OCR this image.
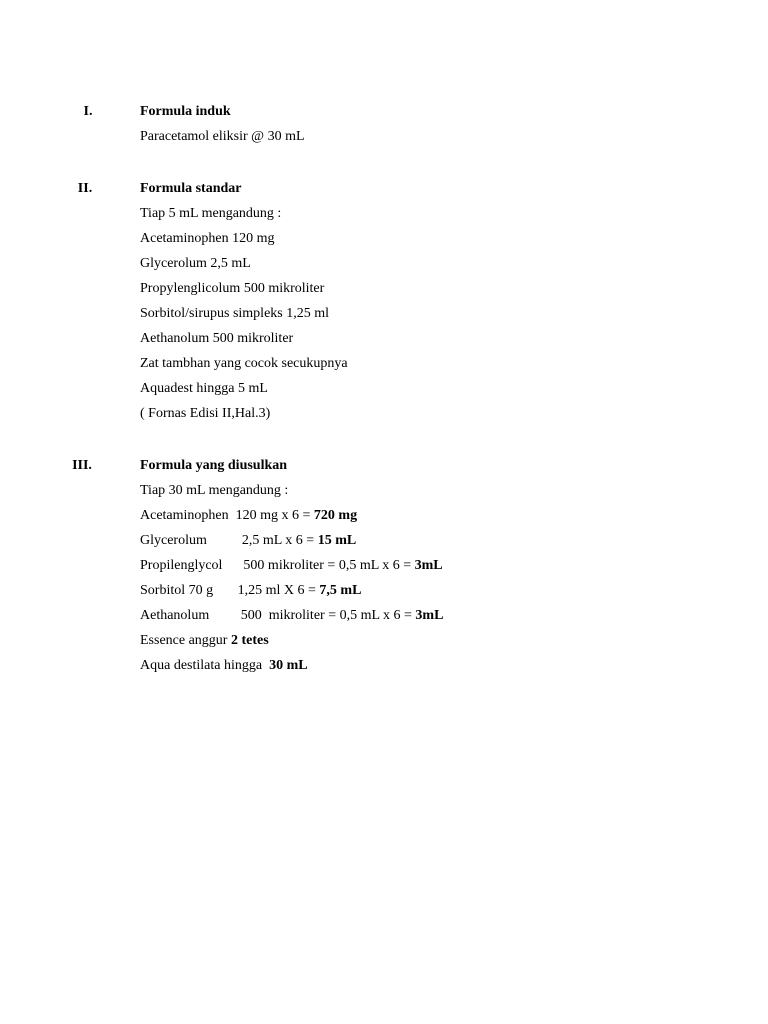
I.	Formula induk
Paracetamol eliksir @ 30 mL
II.	Formula standar
Tiap 5 mL mengandung :
Acetaminophen 120 mg
Glycerolum 2,5 mL
Propylenglicolum 500 mikroliter
Sorbitol/sirupus simpleks 1,25 ml
Aethanolum 500 mikroliter
Zat tambhan yang cocok secukupnya
Aquadest hingga 5 mL
( Fornas Edisi II,Hal.3)
III.	Formula yang diusulkan
Tiap 30 mL mengandung :
Acetaminophen  120 mg x 6 = 720 mg
Glycerolum          2,5 mL x 6 = 15 mL
Propilenglycol      500 mikroliter = 0,5 mL x 6 = 3mL
Sorbitol 70 g       1,25 ml X 6 = 7,5 mL
Aethanolum         500  mikroliter = 0,5 mL x 6 = 3mL
Essence anggur 2 tetes
Aqua destilata hingga  30 mL
